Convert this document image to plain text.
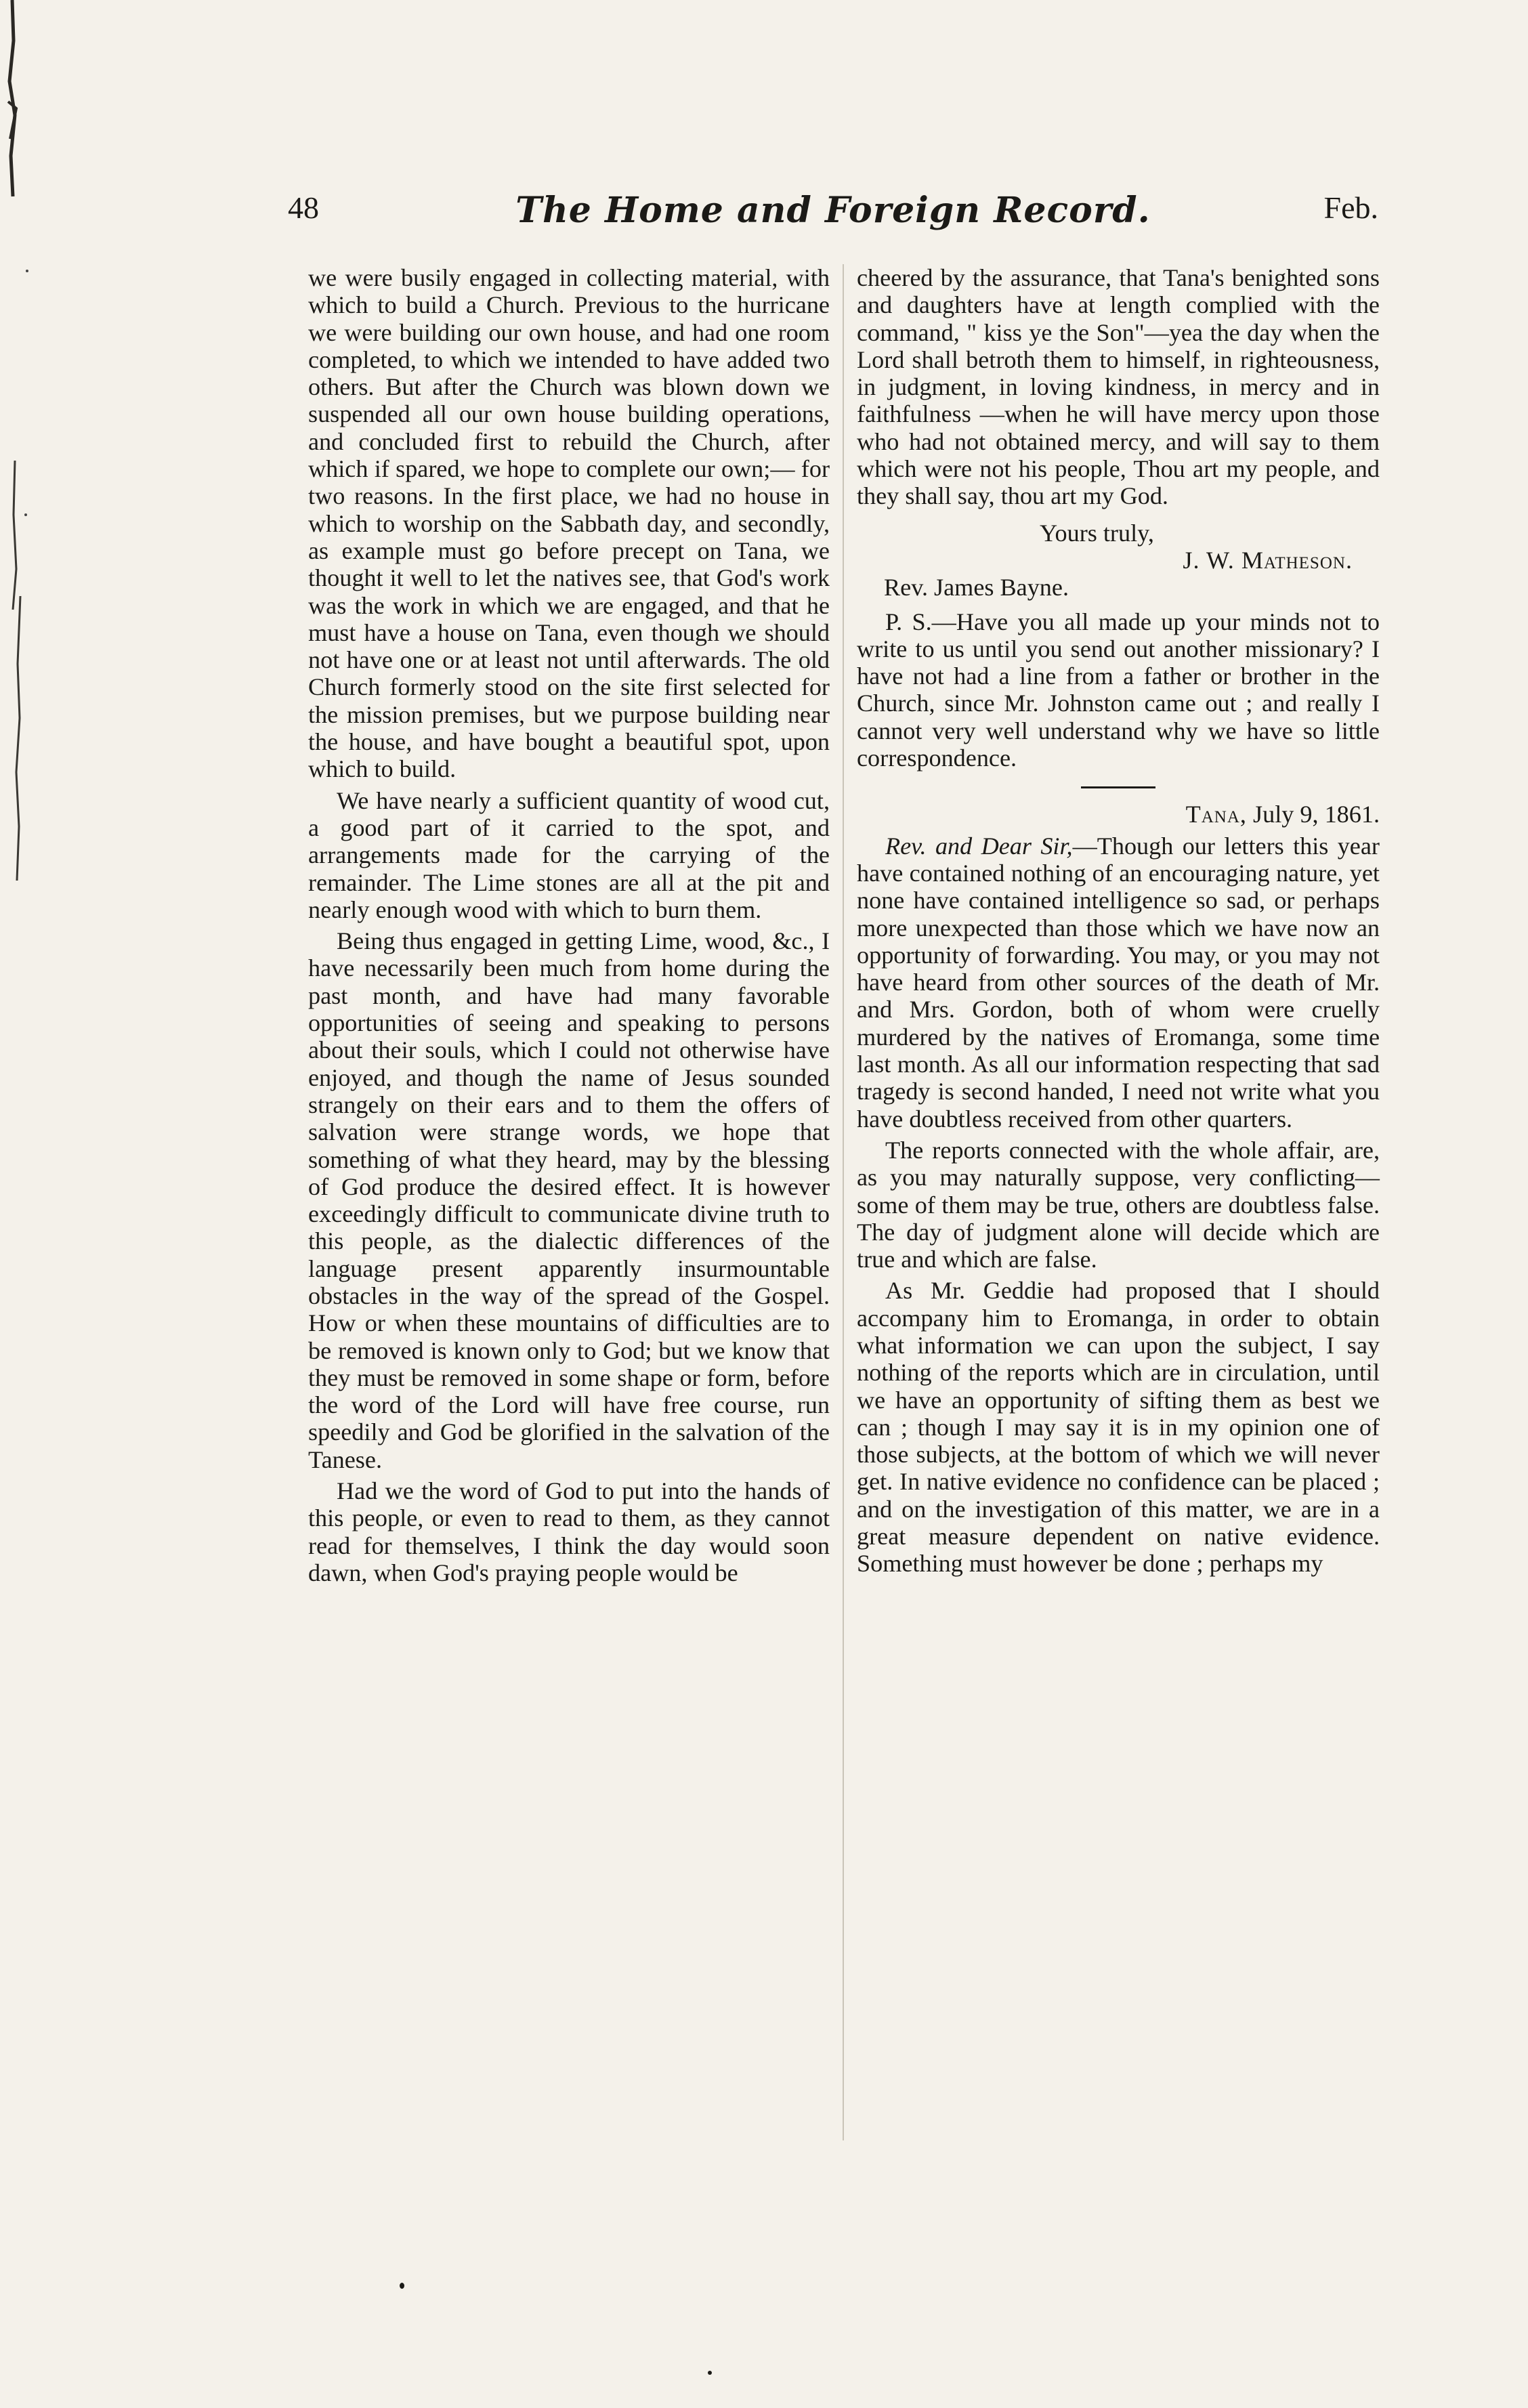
48	The Home and Foreign Record.	Feb.

we were busily engaged in collecting material, with which to build a Church. Previous to the hurricane we were building our own house, and had one room completed, to which we intended to have added two others. But after the Church was blown down we suspended all our own house building operations, and concluded first to rebuild the Church, after which if spared, we hope to complete our own;— for two reasons. In the first place, we had no house in which to worship on the Sabbath day, and secondly, as example must go before precept on Tana, we thought it well to let the natives see, that God's work was the work in which we are engaged, and that he must have a house on Tana, even though we should not have one or at least not until afterwards. The old Church formerly stood on the site first selected for the mission premises, but we purpose building near the house, and have bought a beautiful spot, upon which to build.

We have nearly a sufficient quantity of wood cut, a good part of it carried to the spot, and arrangements made for the carrying of the remainder. The Lime stones are all at the pit and nearly enough wood with which to burn them.

Being thus engaged in getting Lime, wood, &c., I have necessarily been much from home during the past month, and have had many favorable opportunities of seeing and speaking to persons about their souls, which I could not otherwise have enjoyed, and though the name of Jesus sounded strangely on their ears and to them the offers of salvation were strange words, we hope that something of what they heard, may by the blessing of God produce the desired effect. It is however exceedingly difficult to communicate divine truth to this people, as the dialectic differences of the language present apparently insurmountable obstacles in the way of the spread of the Gospel. How or when these mountains of difficulties are to be removed is known only to God; but we know that they must be removed in some shape or form, before the word of the Lord will have free course, run speedily and God be glorified in the salvation of the Tanese.

Had we the word of God to put into the hands of this people, or even to read to them, as they cannot read for themselves, I think the day would soon dawn, when God's praying people would be

cheered by the assurance, that Tana's benighted sons and daughters have at length complied with the command, " kiss ye the Son"—yea the day when the Lord shall betroth them to himself, in righteousness, in judgment, in loving kindness, in mercy and in faithfulness —when he will have mercy upon those who had not obtained mercy, and will say to them which were not his people, Thou art my people, and they shall say, thou art my God.

Yours truly,
J. W. Matheson.
Rev. James Bayne.

P. S.—Have you all made up your minds not to write to us until you send out another missionary? I have not had a line from a father or brother in the Church, since Mr. Johnston came out ; and really I cannot very well understand why we have so little correspondence.

Tana, July 9, 1861.

Rev. and Dear Sir,—Though our letters this year have contained nothing of an encouraging nature, yet none have contained intelligence so sad, or perhaps more unexpected than those which we have now an opportunity of forwarding. You may, or you may not have heard from other sources of the death of Mr. and Mrs. Gordon, both of whom were cruelly murdered by the natives of Eromanga, some time last month. As all our information respecting that sad tragedy is second handed, I need not write what you have doubtless received from other quarters.

The reports connected with the whole affair, are, as you may naturally suppose, very conflicting—some of them may be true, others are doubtless false. The day of judgment alone will decide which are true and which are false.

As Mr. Geddie had proposed that I should accompany him to Eromanga, in order to obtain what information we can upon the subject, I say nothing of the reports which are in circulation, until we have an opportunity of sifting them as best we can ; though I may say it is in my opinion one of those subjects, at the bottom of which we will never get. In native evidence no confidence can be placed ; and on the investigation of this matter, we are in a great measure dependent on native evidence. Something must however be done ; perhaps my
